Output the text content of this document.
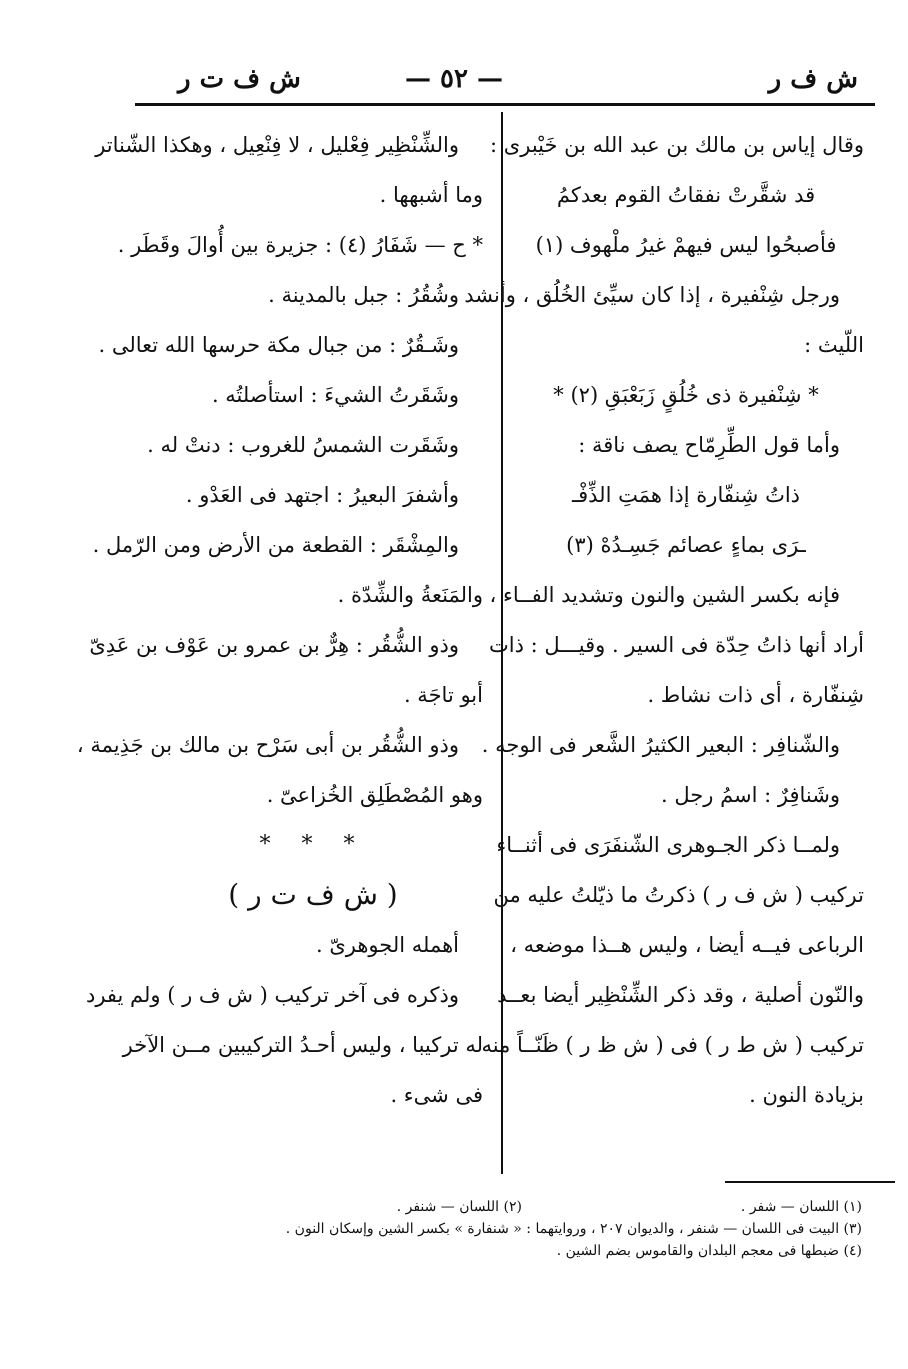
ش ف ر
— ٥٢ —
ش ف ت ر
وقال إياس بن مالك بن عبد الله بن خَيْبرى :
قد شقَّرتْ نفقاتُ القوم بعدكمُ
فأصبحُوا ليس فيهمْ غيرُ ملْهوف (١)
ورجل شِنْفيرة ، إذا كان سيِّئ الخُلُق ، وأنشد
اللّيث :
* شِنْفيرة ذى خُلُقٍ زَبَعْبَقِ (٢) *
وأما قول الطِّرِمّاح يصف ناقة :
ذاتُ شِنفّارة إذا همَتِ الذِّفْـ
ـرَى بماءٍ عصائم جَسِـدُهْ (٣)
فإنه بكسر الشين والنون وتشديد الفــاء ،
أراد أنها ذاتُ حِدّة فى السير . وقيـــل : ذات
شِنفّارة ، أى ذات نشاط .
والشّنافِر : البعير الكثيرُ الشَّعر فى الوجه .
وشَنافِرٌ : اسمُ رجل .
ولمــا ذكر الجـوهرى الشّنفَرَى فى أثنــاء
تركيب ( ش ف ر ) ذكرتُ ما ذيّلتُ عليه من
الرباعى فيــه أيضا ، وليس هــذا موضعه ،
والنّون أصلية ، وقد ذكر الشِّنْظِير أيضا بعــد
تركيب ( ش ط ر ) فى ( ش ظ ر ) ظَنّــاً منه
بزيادة النون .
والشِّنْظِير فِعْليل ، لا فِنْعِيل ، وهكذا الشّناتر
وما أشبهها .
* ح — شَفَارُ (٤) : جزيرة بين أُوالَ وقَطَر .
وشُقُرُ : جبل بالمدينة .
وشَـقُرٌ : من جبال مكة حرسها الله تعالى .
وشَقَرتُ الشيءَ : استأصلتُه .
وشَقَرت الشمسُ للغروب : دنتْ له .
وأشفرَ البعيرُ : اجتهد فى العَدْو .
والمِشْقَر : القطعة من الأرض ومن الرّمل .
والمَنَعةُ والشِّدّة .
وذو الشُّقُر : هِرٌّ بن عمرو بن عَوْف بن عَدِىّ
أبو تاجَة .
وذو الشُّقُر بن أبى سَرْح بن مالك بن جَذِيمة ،
وهو المُصْطَلِق الخُزاعىّ .
* * *
( ش ف ت ر )
أهمله الجوهرىّ .
وذكره فى آخر تركيب ( ش ف ر ) ولم يفرد
له تركيبا ، وليس أحـدُ التركيبين مــن الآخر
فى شىء .
(١) اللسان — شفر .
(٢) اللسان — شنفر .
(٣) البيت فى اللسان — شنفر ، والديوان ٢٠٧ ، وروايتهما : « شنفارة » بكسر الشين وإسكان النون .
(٤) ضبطها فى معجم البلدان والقاموس بضم الشين .
